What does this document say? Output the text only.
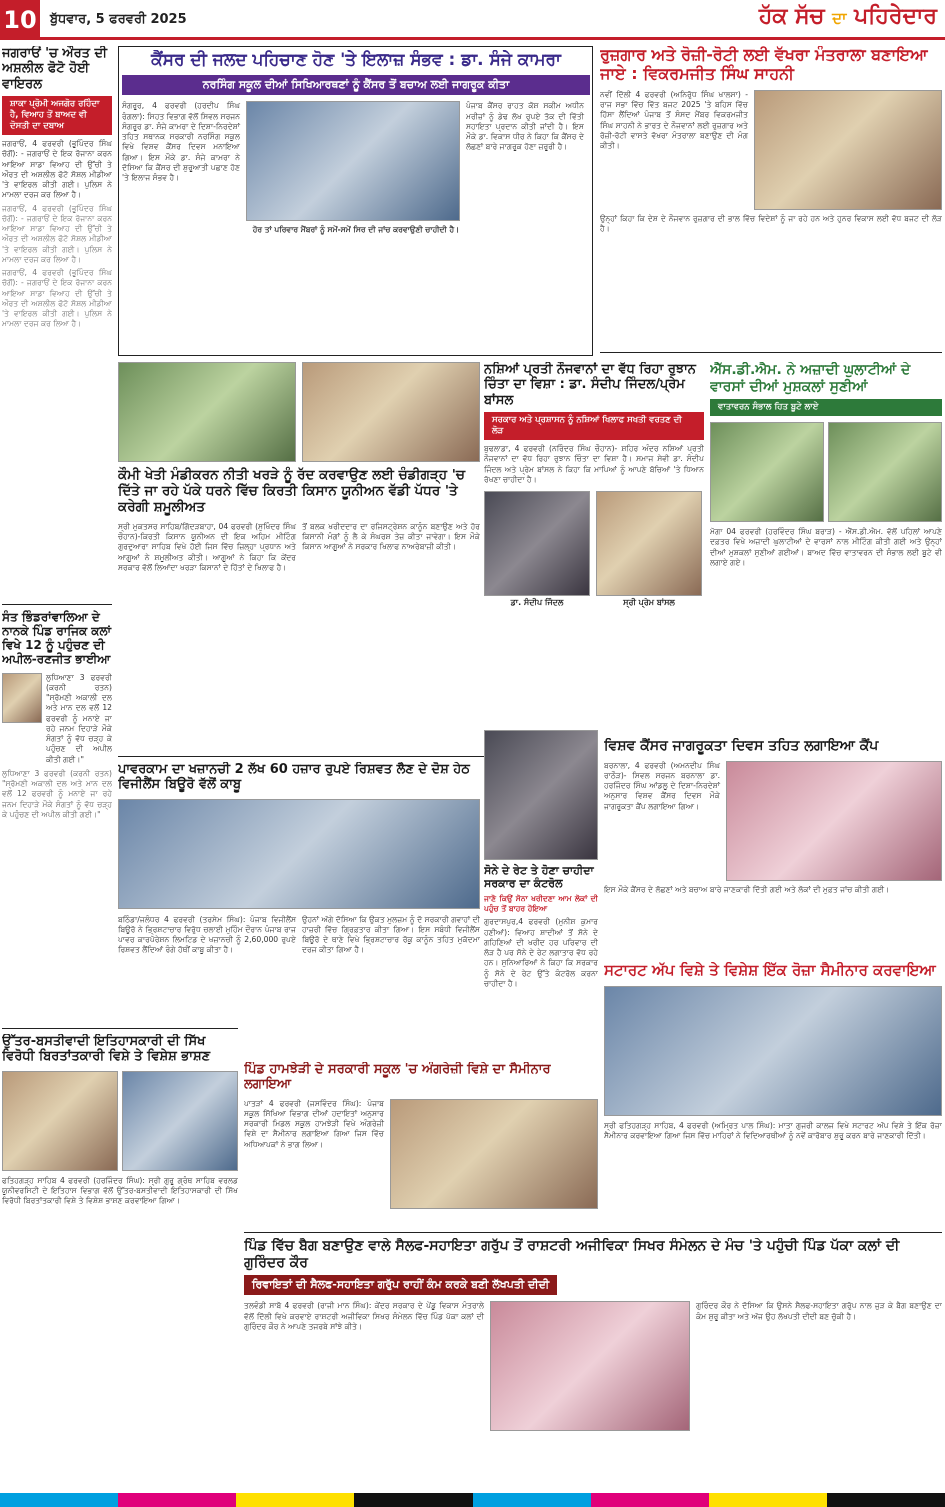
10 ਬੁੱਧਵਾਰ, 5 ਫਰਵਰੀ 2025	ਹੱਕ ਸੱਚ ਦਾ ਪਹਿਰੇਦਾਰ
ਜਗਰਾਓਂ 'ਚ ਔਰਤ ਦੀ ਅਸ਼ਲੀਲ ਫੋਟੋ ਹੋਈ ਵਾਇਰਲ
ਸ਼ਾਕਾ ਪ੍ਰੋਮੀ ਅਜਗੋਰ ਰਹਿੰਦਾ ਹੈ, ਵਿਆਹ ਤੋਂ ਬਾਅਦ ਵੀ ਦੋਸਤੀ ਦਾ ਦਬਾਅ
ਜਗਰਾਓਂ, 4 ਫਰਵਰੀ (ਭੂਪਿੰਦਰ ਸਿੰਘ ਚੱਗੋਂ): - ਜਗਰਾਓਂ ਦੇ ਇਕ ਰੋਜਾਨਾ ਕਰਨ ਆਇਆ ਸਾਡਾ ਵਿਆਹ ਦੀ ਉੱਚੀ ਤੇ ਔਰਤ ਦੀ ਅਸ਼ਲੀਲ ਫੋਟੋ ਸੋਸ਼ਲ ਮੀਡੀਆ 'ਤੇ ਵਾਇਰਲ ਕੀਤੀ ਗਈ। ਪੁਲਿਸ ਨੇ ਮਾਮਲਾ ਦਰਜ ਕਰ ਲਿਆ ਹੈ।
ਜਗਰਾਓਂ, 4 ਫਰਵਰੀ (ਭੂਪਿੰਦਰ ਸਿੰਘ ਚੱਗੋਂ): - ਜਗਰਾਓਂ ਦੇ ਇਕ ਰੋਜਾਨਾ ਕਰਨ ਆਇਆ ਸਾਡਾ ਵਿਆਹ ਦੀ ਉੱਚੀ ਤੇ ਔਰਤ ਦੀ ਅਸ਼ਲੀਲ ਫੋਟੋ ਸੋਸ਼ਲ ਮੀਡੀਆ 'ਤੇ ਵਾਇਰਲ ਕੀਤੀ ਗਈ। ਪੁਲਿਸ ਨੇ ਮਾਮਲਾ ਦਰਜ ਕਰ ਲਿਆ ਹੈ।
ਜਗਰਾਓਂ, 4 ਫਰਵਰੀ (ਭੂਪਿੰਦਰ ਸਿੰਘ ਚੱਗੋਂ): - ਜਗਰਾਓਂ ਦੇ ਇਕ ਰੋਜਾਨਾ ਕਰਨ ਆਇਆ ਸਾਡਾ ਵਿਆਹ ਦੀ ਉੱਚੀ ਤੇ ਔਰਤ ਦੀ ਅਸ਼ਲੀਲ ਫੋਟੋ ਸੋਸ਼ਲ ਮੀਡੀਆ 'ਤੇ ਵਾਇਰਲ ਕੀਤੀ ਗਈ। ਪੁਲਿਸ ਨੇ ਮਾਮਲਾ ਦਰਜ ਕਰ ਲਿਆ ਹੈ।
ਸੰਤ ਭਿੰਡਰਾਂਵਾਲਿਆ ਦੇ ਨਾਨਕੇ ਪਿੰਡ ਰਾਜਿਕ ਕਲਾਂ ਵਿਖੇ 12 ਨੂੰ ਪਹੁੰਚਣ ਦੀ ਅਪੀਲ-ਰਣਜੀਤ ਭਾਈਆ
ਲੁਧਿਆਣਾ 3 ਫਰਵਰੀ (ਕਰਨੀ ਰਤਨ) "ਸ੍ਰੋਮਣੀ ਅਕਾਲੀ ਦਲ ਅਤੇ ਮਾਨ ਦਲ ਵਲੋਂ 12 ਫਰਵਰੀ ਨੂੰ ਮਨਾਏ ਜਾ ਰਹੇ ਜਨਮ ਦਿਹਾੜੇ ਮੌਕੇ ਸੰਗਤਾਂ ਨੂੰ ਵੱਧ ਚੜ੍ਹ ਕੇ ਪਹੁੰਚਣ ਦੀ ਅਪੀਲ ਕੀਤੀ ਗਈ।"
ਲੁਧਿਆਣਾ 3 ਫਰਵਰੀ (ਕਰਨੀ ਰਤਨ) "ਸ੍ਰੋਮਣੀ ਅਕਾਲੀ ਦਲ ਅਤੇ ਮਾਨ ਦਲ ਵਲੋਂ 12 ਫਰਵਰੀ ਨੂੰ ਮਨਾਏ ਜਾ ਰਹੇ ਜਨਮ ਦਿਹਾੜੇ ਮੌਕੇ ਸੰਗਤਾਂ ਨੂੰ ਵੱਧ ਚੜ੍ਹ ਕੇ ਪਹੁੰਚਣ ਦੀ ਅਪੀਲ ਕੀਤੀ ਗਈ।"
ਕੈਂਸਰ ਦੀ ਜਲਦ ਪਹਿਚਾਣ ਹੋਣ 'ਤੇ ਇਲਾਜ਼ ਸੰਭਵ : ਡਾ. ਸੰਜੇ ਕਾਮਰਾ
ਨਰਸਿੰਗ ਸਕੂਲ ਦੀਆਂ ਸਿਖਿਆਰਥਣਾਂ ਨੂੰ ਕੈਂਸਰ ਤੋਂ ਬਚਾਅ ਲਈ ਜਾਗਰੂਕ ਕੀਤਾ
ਸੰਗਰੂਰ, 4 ਫਰਵਰੀ (ਹਰਦੀਪ ਸਿੰਘ ਰੰਗਲਾ): ਸਿਹਤ ਵਿਭਾਗ ਵੱਲੋਂ ਸਿਵਲ ਸਰਜਨ ਸੰਗਰੂਰ ਡਾ. ਸੰਜੇ ਕਾਮਰਾ ਦੇ ਦਿਸ਼ਾ-ਨਿਰਦੇਸ਼ਾਂ ਤਹਿਤ ਸਥਾਨਕ ਸਰਕਾਰੀ ਨਰਸਿੰਗ ਸਕੂਲ ਵਿਖੇ ਵਿਸ਼ਵ ਕੈਂਸਰ ਦਿਵਸ ਮਨਾਇਆ ਗਿਆ। ਇਸ ਮੌਕੇ ਡਾ. ਸੰਜੇ ਕਾਮਰਾ ਨੇ ਦੱਸਿਆ ਕਿ ਕੈਂਸਰ ਦੀ ਸ਼ੁਰੂਆਤੀ ਪਛਾਣ ਹੋਣ 'ਤੇ ਇਲਾਜ ਸੰਭਵ ਹੈ।
ਪੰਜਾਬ ਕੈਂਸਰ ਰਾਹਤ ਕੋਸ਼ ਸਕੀਮ ਅਧੀਨ ਮਰੀਜ਼ਾਂ ਨੂੰ ਡੇਢ ਲੱਖ ਰੁਪਏ ਤੱਕ ਦੀ ਵਿੱਤੀ ਸਹਾਇਤਾ ਪ੍ਰਦਾਨ ਕੀਤੀ ਜਾਂਦੀ ਹੈ। ਇਸ ਮੌਕੇ ਡਾ. ਵਿਕਾਸ ਧੀਰ ਨੇ ਕਿਹਾ ਕਿ ਕੈਂਸਰ ਦੇ ਲੱਛਣਾਂ ਬਾਰੇ ਜਾਗਰੂਕ ਹੋਣਾ ਜ਼ਰੂਰੀ ਹੈ।
ਹੋਰ ਤਾਂ ਪਰਿਵਾਰ ਮੈਂਬਰਾਂ ਨੂੰ ਸਮੇਂ-ਸਮੇਂ ਸਿਰ ਦੀ ਜਾਂਚ ਕਰਵਾਉਣੀ ਚਾਹੀਦੀ ਹੈ।
ਰੁਜ਼ਗਾਰ ਅਤੇ ਰੋਜ਼ੀ-ਰੋਟੀ ਲਈ ਵੱਖਰਾ ਮੰਤਰਾਲਾ ਬਣਾਇਆ ਜਾਏ : ਵਿਕਰਮਜੀਤ ਸਿੰਘ ਸਾਹਨੀ
ਨਵੀਂ ਦਿੱਲੀ 4 ਫਰਵਰੀ (ਅਨਿਰੁੱਧ ਸਿੰਘ ਖਾਲਸਾ) - ਰਾਜ ਸਭਾ ਵਿੱਚ ਵਿੱਤ ਬਜਟ 2025 'ਤੇ ਬਹਿਸ ਵਿੱਚ ਹਿੱਸਾ ਲੈਂਦਿਆਂ ਪੰਜਾਬ ਤੋਂ ਸੰਸਦ ਮੈਂਬਰ ਵਿਕਰਮਜੀਤ ਸਿੰਘ ਸਾਹਨੀ ਨੇ ਭਾਰਤ ਦੇ ਨੌਜਵਾਨਾਂ ਲਈ ਰੁਜ਼ਗਾਰ ਅਤੇ ਰੋਜ਼ੀ-ਰੋਟੀ ਵਾਸਤੇ ਵੱਖਰਾ ਮੰਤਰਾਲਾ ਬਣਾਉਣ ਦੀ ਮੰਗ ਕੀਤੀ।
ਉਨ੍ਹਾਂ ਕਿਹਾ ਕਿ ਦੇਸ਼ ਦੇ ਨੌਜਵਾਨ ਰੁਜ਼ਗਾਰ ਦੀ ਭਾਲ ਵਿੱਚ ਵਿਦੇਸ਼ਾਂ ਨੂੰ ਜਾ ਰਹੇ ਹਨ ਅਤੇ ਹੁਨਰ ਵਿਕਾਸ ਲਈ ਵੱਧ ਬਜਟ ਦੀ ਲੋੜ ਹੈ।
ਕੌਮੀ ਖੇਤੀ ਮੰਡੀਕਰਨ ਨੀਤੀ ਖਰੜੇ ਨੂੰ ਰੱਦ ਕਰਵਾਉਣ ਲਈ ਚੰਡੀਗੜ੍ਹ 'ਚ ਦਿੱਤੇ ਜਾ ਰਹੇ ਪੱਕੇ ਧਰਨੇ ਵਿੱਚ ਕਿਰਤੀ ਕਿਸਾਨ ਯੂਨੀਅਨ ਵੱਡੀ ਪੱਧਰ 'ਤੇ ਕਰੇਗੀ ਸ਼ਮੂਲੀਅਤ
ਸ੍ਰੀ ਮੁਕਤਸਰ ਸਾਹਿਬ/ਗਿੱਦੜਬਾਹਾ, 04 ਫਰਵਰੀ (ਸੁਖਿੰਦਰ ਸਿੰਘ ਚੌਹਾਨ)-ਕਿਰਤੀ ਕਿਸਾਨ ਯੂਨੀਅਨ ਦੀ ਇਕ ਅਹਿਮ ਮੀਟਿੰਗ ਗੁਰਦੁਆਰਾ ਸਾਹਿਬ ਵਿਖੇ ਹੋਈ ਜਿਸ ਵਿੱਚ ਜ਼ਿਲ੍ਹਾ ਪ੍ਰਧਾਨ ਅਤੇ ਆਗੂਆਂ ਨੇ ਸ਼ਮੂਲੀਅਤ ਕੀਤੀ। ਆਗੂਆਂ ਨੇ ਕਿਹਾ ਕਿ ਕੇਂਦਰ ਸਰਕਾਰ ਵੱਲੋਂ ਲਿਆਂਦਾ ਖਰੜਾ ਕਿਸਾਨਾਂ ਦੇ ਹਿੱਤਾਂ ਦੇ ਖਿਲਾਫ ਹੈ।
ਤੋਂ ਬਲਕ ਖਰੀਦਦਾਰ ਦਾ ਰਜਿਸਟ੍ਰੇਸ਼ਨ ਕਾਨੂੰਨ ਬਣਾਉਣ ਅਤੇ ਹੋਰ ਕਿਸਾਨੀ ਮੰਗਾਂ ਨੂੰ ਲੈ ਕੇ ਸੰਘਰਸ਼ ਤੇਜ਼ ਕੀਤਾ ਜਾਵੇਗਾ। ਇਸ ਮੌਕੇ ਕਿਸਾਨ ਆਗੂਆਂ ਨੇ ਸਰਕਾਰ ਖਿਲਾਫ ਨਾਅਰੇਬਾਜ਼ੀ ਕੀਤੀ।
ਨਸ਼ਿਆਂ ਪ੍ਰਤੀ ਨੌਜਵਾਨਾਂ ਦਾ ਵੱਧ ਰਿਹਾ ਰੁਝਾਨ ਚਿੰਤਾ ਦਾ ਵਿਸ਼ਾ : ਡਾ. ਸੰਦੀਪ ਜਿੰਦਲ/ਪ੍ਰੇਮ ਬਾਂਸਲ
ਸਰਕਾਰ ਅਤੇ ਪ੍ਰਸ਼ਾਸਨ ਨੂੰ ਨਸ਼ਿਆਂ ਖਿਲਾਫ ਸਖਤੀ ਵਰਤਣ ਦੀ ਲੋੜ
ਬੁਢਲਾਡਾ, 4 ਫਰਵਰੀ (ਨਰਿੰਦਰ ਸਿੰਘ ਚੌਹਾਨ)- ਸ਼ਹਿਰ ਅੰਦਰ ਨਸ਼ਿਆਂ ਪ੍ਰਤੀ ਨੌਜਵਾਨਾਂ ਦਾ ਵੱਧ ਰਿਹਾ ਰੁਝਾਨ ਚਿੰਤਾ ਦਾ ਵਿਸ਼ਾ ਹੈ। ਸਮਾਜ ਸੇਵੀ ਡਾ. ਸੰਦੀਪ ਜਿੰਦਲ ਅਤੇ ਪ੍ਰੇਮ ਬਾਂਸਲ ਨੇ ਕਿਹਾ ਕਿ ਮਾਪਿਆਂ ਨੂੰ ਆਪਣੇ ਬੱਚਿਆਂ 'ਤੇ ਧਿਆਨ ਰੱਖਣਾ ਚਾਹੀਦਾ ਹੈ।
ਡਾ. ਸੰਦੀਪ ਜਿੰਦਲ	ਸ੍ਰੀ ਪ੍ਰੇਮ ਬਾਂਸਲ
ਐੱਸ.ਡੀ.ਐਮ. ਨੇ ਅਜ਼ਾਦੀ ਘੁਲਾਟੀਆਂ ਦੇ ਵਾਰਸਾਂ ਦੀਆਂ ਮੁਸ਼ਕਲਾਂ ਸੁਣੀਆਂ
ਵਾਤਾਵਰਨ ਸੰਭਾਲ ਹਿਤ ਬੂਟੇ ਲਾਏ
ਮੋਗਾ 04 ਫਰਵਰੀ (ਹਰਵਿੰਦਰ ਸਿੰਘ ਬਰਾੜ) - ਐੱਸ.ਡੀ.ਐਮ. ਵੱਲੋਂ ਪਹਿਲਾਂ ਆਪਣੇ ਦਫ਼ਤਰ ਵਿਖੇ ਅਜ਼ਾਦੀ ਘੁਲਾਟੀਆਂ ਦੇ ਵਾਰਸਾਂ ਨਾਲ ਮੀਟਿੰਗ ਕੀਤੀ ਗਈ ਅਤੇ ਉਨ੍ਹਾਂ ਦੀਆਂ ਮੁਸ਼ਕਲਾਂ ਸੁਣੀਆਂ ਗਈਆਂ। ਬਾਅਦ ਵਿੱਚ ਵਾਤਾਵਰਨ ਦੀ ਸੰਭਾਲ ਲਈ ਬੂਟੇ ਵੀ ਲਗਾਏ ਗਏ।
ਪਾਵਰਕਾਮ ਦਾ ਖਜ਼ਾਨਚੀ 2 ਲੱਖ 60 ਹਜ਼ਾਰ ਰੁਪਏ ਰਿਸ਼ਵਤ ਲੈਣ ਦੇ ਦੋਸ਼ ਹੇਠ ਵਿਜੀਲੈਂਸ ਬਿਊਰੋ ਵੱਲੋਂ ਕਾਬੂ
ਬਠਿੰਡਾ/ਜਲੰਧਰ 4 ਫਰਵਰੀ (ਤਰਸੇਮ ਸਿੰਘ): ਪੰਜਾਬ ਵਿਜੀਲੈਂਸ ਬਿਊਰੋ ਨੇ ਭ੍ਰਿਸ਼ਟਾਚਾਰ ਵਿਰੁੱਧ ਚਲਾਈ ਮੁਹਿੰਮ ਦੌਰਾਨ ਪੰਜਾਬ ਰਾਜ ਪਾਵਰ ਕਾਰਪੋਰੇਸ਼ਨ ਲਿਮਟਿਡ ਦੇ ਖਜ਼ਾਨਚੀ ਨੂੰ 2,60,000 ਰੁਪਏ ਰਿਸ਼ਵਤ ਲੈਂਦਿਆਂ ਰੰਗੇ ਹੱਥੀਂ ਕਾਬੂ ਕੀਤਾ ਹੈ।
ਉਹਨਾਂ ਅੱਗੇ ਦੱਸਿਆ ਕਿ ਉਕਤ ਮੁਲਜ਼ਮ ਨੂੰ ਦੋ ਸਰਕਾਰੀ ਗਵਾਹਾਂ ਦੀ ਹਾਜ਼ਰੀ ਵਿੱਚ ਗ੍ਰਿਫ਼ਤਾਰ ਕੀਤਾ ਗਿਆ। ਇਸ ਸਬੰਧੀ ਵਿਜੀਲੈਂਸ ਬਿਊਰੋ ਦੇ ਥਾਣੇ ਵਿਖੇ ਭ੍ਰਿਸ਼ਟਾਚਾਰ ਰੋਕੂ ਕਾਨੂੰਨ ਤਹਿਤ ਮੁਕੱਦਮਾ ਦਰਜ ਕੀਤਾ ਗਿਆ ਹੈ।
ਸੋਨੇ ਦੇ ਰੇਟ ਤੇ ਹੋਣਾ ਚਾਹੀਦਾ ਸਰਕਾਰ ਦਾ ਕੰਟਰੋਲ
ਜਾਣੋ ਕਿਉਂ ਸੋਨਾ ਖਰੀਦਣਾ ਆਮ ਲੋਕਾਂ ਦੀ ਪਹੁੰਚ ਤੋਂ ਬਾਹਰ ਹੋਇਆ
ਗੁਰਦਾਸਪੁਰ,4 ਫਰਵਰੀ (ਮੁਨੀਸ਼ ਕੁਮਾਰ ਹਣੀਆਂ): ਵਿਆਹ ਸ਼ਾਦੀਆਂ ਤੋਂ ਸੋਨੇ ਦੇ ਗਹਿਣਿਆਂ ਦੀ ਖਰੀਦ ਹਰ ਪਰਿਵਾਰ ਦੀ ਲੋੜ ਹੈ ਪਰ ਸੋਨੇ ਦੇ ਰੇਟ ਲਗਾਤਾਰ ਵੱਧ ਰਹੇ ਹਨ। ਸੁਨਿਆਰਿਆਂ ਨੇ ਕਿਹਾ ਕਿ ਸਰਕਾਰ ਨੂੰ ਸੋਨੇ ਦੇ ਰੇਟ ਉੱਤੇ ਕੰਟਰੋਲ ਕਰਨਾ ਚਾਹੀਦਾ ਹੈ।
ਵਿਸ਼ਵ ਕੈਂਸਰ ਜਾਗਰੂਕਤਾ ਦਿਵਸ ਤਹਿਤ ਲਗਾਇਆ ਕੈਂਪ
ਬਰਨਾਲਾ, 4 ਫਰਵਰੀ (ਅਮਨਦੀਪ ਸਿੰਘ ਰਾਠੌੜ)- ਸਿਵਲ ਸਰਜਨ ਬਰਨਾਲਾ ਡਾ. ਹਰਜਿੰਦਰ ਸਿੰਘ ਆਂਡਲੂ ਦੇ ਦਿਸ਼ਾ-ਨਿਰਦੇਸ਼ਾਂ ਅਨੁਸਾਰ ਵਿਸ਼ਵ ਕੈਂਸਰ ਦਿਵਸ ਮੌਕੇ ਜਾਗਰੂਕਤਾ ਕੈਂਪ ਲਗਾਇਆ ਗਿਆ।
ਇਸ ਮੌਕੇ ਕੈਂਸਰ ਦੇ ਲੱਛਣਾਂ ਅਤੇ ਬਚਾਅ ਬਾਰੇ ਜਾਣਕਾਰੀ ਦਿੱਤੀ ਗਈ ਅਤੇ ਲੋਕਾਂ ਦੀ ਮੁਫ਼ਤ ਜਾਂਚ ਕੀਤੀ ਗਈ।
ਸਟਾਰਟ ਅੱਪ ਵਿਸ਼ੇ ਤੇ ਵਿਸ਼ੇਸ਼ ਇੱਕ ਰੋਜ਼ਾ ਸੈਮੀਨਾਰ ਕਰਵਾਇਆ
ਸ੍ਰੀ ਫਤਿਹਗੜ੍ਹ ਸਾਹਿਬ, 4 ਫਰਵਰੀ (ਅਮ੍ਰਿਤ ਪਾਲ ਸਿੰਘ): ਮਾਤਾ ਗੁਜਰੀ ਕਾਲਜ ਵਿਖੇ ਸਟਾਰਟ ਅੱਪ ਵਿਸ਼ੇ ਤੇ ਇੱਕ ਰੋਜ਼ਾ ਸੈਮੀਨਾਰ ਕਰਵਾਇਆ ਗਿਆ ਜਿਸ ਵਿੱਚ ਮਾਹਿਰਾਂ ਨੇ ਵਿਦਿਆਰਥੀਆਂ ਨੂੰ ਨਵੇਂ ਕਾਰੋਬਾਰ ਸ਼ੁਰੂ ਕਰਨ ਬਾਰੇ ਜਾਣਕਾਰੀ ਦਿੱਤੀ।
ਉੱਤਰ-ਬਸਤੀਵਾਦੀ ਇਤਿਹਾਸਕਾਰੀ ਦੀ ਸਿੱਖ ਵਿਰੋਧੀ ਬਿਰਤਾਂਤਕਾਰੀ ਵਿਸ਼ੇ ਤੇ ਵਿਸ਼ੇਸ਼ ਭਾਸ਼ਣ
ਫਤਿਹਗੜ੍ਹ ਸਾਹਿਬ 4 ਫਰਵਰੀ (ਹਰਜਿੰਦਰ ਸਿੰਘ): ਸ੍ਰੀ ਗੁਰੂ ਗ੍ਰੰਥ ਸਾਹਿਬ ਵਰਲਡ ਯੂਨੀਵਰਸਿਟੀ ਦੇ ਇਤਿਹਾਸ ਵਿਭਾਗ ਵੱਲੋਂ ਉੱਤਰ-ਬਸਤੀਵਾਦੀ ਇਤਿਹਾਸਕਾਰੀ ਦੀ ਸਿੱਖ ਵਿਰੋਧੀ ਬਿਰਤਾਂਤਕਾਰੀ ਵਿਸ਼ੇ ਤੇ ਵਿਸ਼ੇਸ਼ ਭਾਸ਼ਣ ਕਰਵਾਇਆ ਗਿਆ।
ਪਿੰਡ ਹਾਮਝੇੜੀ ਦੇ ਸਰਕਾਰੀ ਸਕੂਲ 'ਚ ਅੰਗਰੇਜ਼ੀ ਵਿਸ਼ੇ ਦਾ ਸੈਮੀਨਾਰ ਲਗਾਇਆ
ਪਾਤੜਾਂ 4 ਫਰਵਰੀ (ਜਸਵਿੰਦਰ ਸਿੰਘ): ਪੰਜਾਬ ਸਕੂਲ ਸਿੱਖਿਆ ਵਿਭਾਗ ਦੀਆਂ ਹਦਾਇਤਾਂ ਅਨੁਸਾਰ ਸਰਕਾਰੀ ਮਿਡਲ ਸਕੂਲ ਹਾਮਝੇੜੀ ਵਿਖੇ ਅੰਗਰੇਜ਼ੀ ਵਿਸ਼ੇ ਦਾ ਸੈਮੀਨਾਰ ਲਗਾਇਆ ਗਿਆ ਜਿਸ ਵਿੱਚ ਅਧਿਆਪਕਾਂ ਨੇ ਭਾਗ ਲਿਆ।
ਪਿੰਡ ਵਿੱਚ ਬੈਗ ਬਣਾਉਣ ਵਾਲੇ ਸੈਲਫ-ਸਹਾਇਤਾ ਗਰੁੱਪ ਤੋਂ ਰਾਸ਼ਟਰੀ ਅਜੀਵਿਕਾ ਸਿਖਰ ਸੰਮੇਲਨ ਦੇ ਮੰਚ 'ਤੇ ਪਹੁੰਚੀ ਪਿੰਡ ਪੱਕਾ ਕਲਾਂ ਦੀ ਗੁਰਿੰਦਰ ਕੌਰ
ਰਿਵਾਇਤਾਂ ਦੀ ਸੈਲਫ-ਸਹਾਇਤਾ ਗਰੁੱਪ ਰਾਹੀਂ ਕੰਮ ਕਰਕੇ ਬਣੀ ਲੱਖਪਤੀ ਦੀਦੀ
ਤਲਵੰਡੀ ਸਾਬੋ 4 ਫਰਵਰੀ (ਰਾਜੀ ਮਾਨ ਸਿੰਘ): ਕੇਂਦਰ ਸਰਕਾਰ ਦੇ ਪੇਂਡੂ ਵਿਕਾਸ ਮੰਤਰਾਲੇ ਵੱਲੋਂ ਦਿੱਲੀ ਵਿਖੇ ਕਰਵਾਏ ਰਾਸ਼ਟਰੀ ਅਜੀਵਿਕਾ ਸਿਖਰ ਸੰਮੇਲਨ ਵਿੱਚ ਪਿੰਡ ਪੱਕਾ ਕਲਾਂ ਦੀ ਗੁਰਿੰਦਰ ਕੌਰ ਨੇ ਆਪਣੇ ਤਜਰਬੇ ਸਾਂਝੇ ਕੀਤੇ।
ਗੁਰਿੰਦਰ ਕੌਰ ਨੇ ਦੱਸਿਆ ਕਿ ਉਸਨੇ ਸੈਲਫ-ਸਹਾਇਤਾ ਗਰੁੱਪ ਨਾਲ ਜੁੜ ਕੇ ਬੈਗ ਬਣਾਉਣ ਦਾ ਕੰਮ ਸ਼ੁਰੂ ਕੀਤਾ ਅਤੇ ਅੱਜ ਉਹ ਲੱਖਪਤੀ ਦੀਦੀ ਬਣ ਚੁੱਕੀ ਹੈ।
